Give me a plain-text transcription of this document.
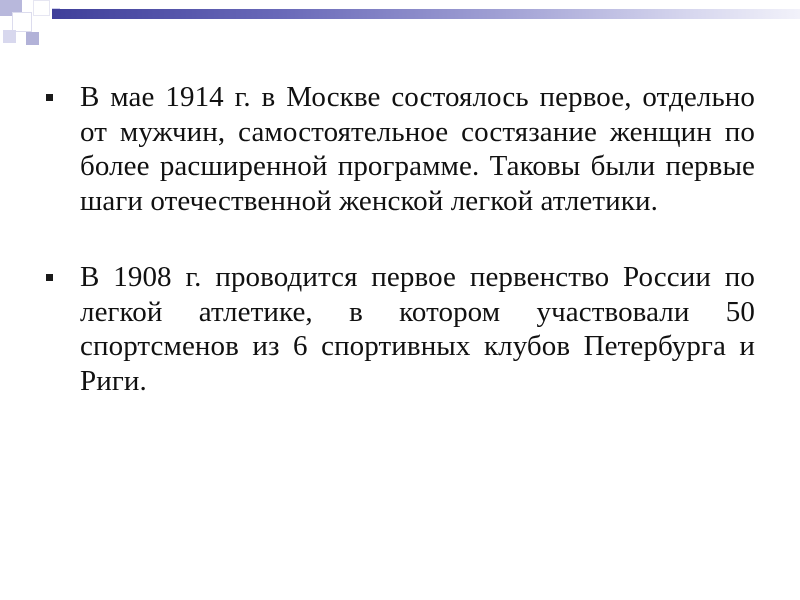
В мае 1914 г. в Москве состоялось первое, отдельно от мужчин, самостоятельное состязание женщин по более расширенной программе. Таковы были первые шаги отечественной женской легкой атлетики.
В 1908 г. проводится первое первенство России по легкой атлетике, в котором участвовали 50 спортсменов из 6 спортивных клубов Петербурга и Риги.
